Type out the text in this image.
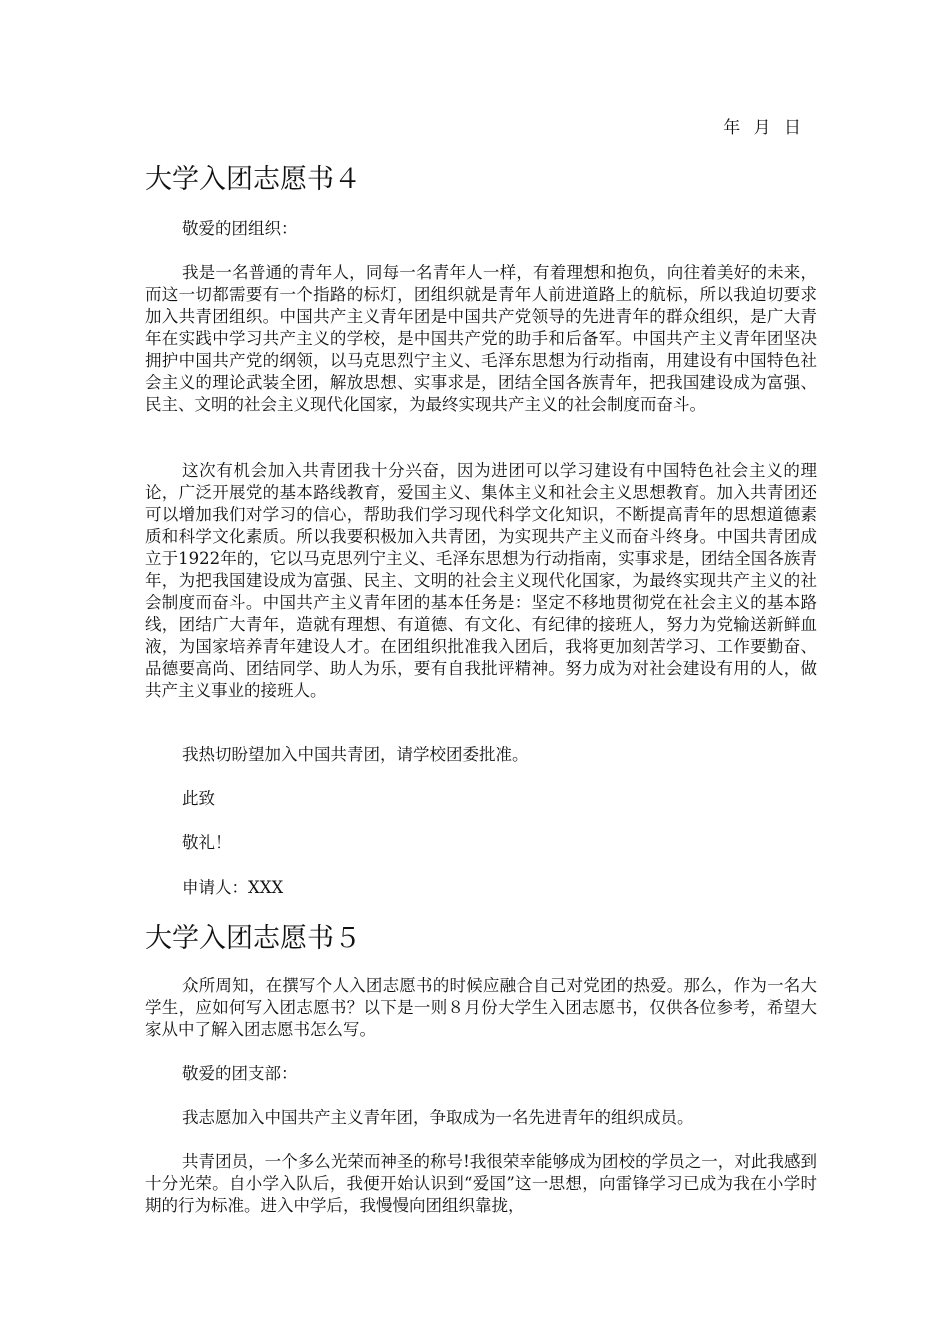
年 月 日
大学入团志愿书４

敬爱的团组织：

我是一名普通的青年人，同每一名青年人一样，有着理想和抱负，向往着美好的未来，而这一切都需要有一个指路的标灯，团组织就是青年人前进道路上的航标，所以我迫切要求加入共青团组织。中国共产主义青年团是中国共产党领导的先进青年的群众组织，是广大青年在实践中学习共产主义的学校，是中国共产党的助手和后备军。中国共产主义青年团坚决拥护中国共产党的纲领，以马克思烈宁主义、毛泽东思想为行动指南，用建设有中国特色社会主义的理论武装全团，解放思想、实事求是，团结全国各族青年，把我国建设成为富强、民主、文明的社会主义现代化国家，为最终实现共产主义的社会制度而奋斗。

这次有机会加入共青团我十分兴奋，因为进团可以学习建设有中国特色社会主义的理论，广泛开展党的基本路线教育，爱国主义、集体主义和社会主义思想教育。加入共青团还可以增加我们对学习的信心，帮助我们学习现代科学文化知识，不断提高青年的思想道德素质和科学文化素质。所以我要积极加入共青团，为实现共产主义而奋斗终身。中国共青团成立于1922年的，它以马克思列宁主义、毛泽东思想为行动指南，实事求是，团结全国各族青年，为把我国建设成为富强、民主、文明的社会主义现代化国家，为最终实现共产主义的社会制度而奋斗。中国共产主义青年团的基本任务是：坚定不移地贯彻党在社会主义的基本路线，团结广大青年，造就有理想、有道德、有文化、有纪律的接班人，努力为党输送新鲜血液，为国家培养青年建设人才。在团组织批准我入团后，我将更加刻苦学习、工作要勤奋、品德要高尚、团结同学、助人为乐，要有自我批评精神。努力成为对社会建设有用的人，做共产主义事业的接班人。

我热切盼望加入中国共青团，请学校团委批准。

此致

敬礼！

申请人：XXX

大学入团志愿书５

众所周知，在撰写个人入团志愿书的时候应融合自己对党团的热爱。那么，作为一名大学生，应如何写入团志愿书？以下是一则８月份大学生入团志愿书，仅供各位参考，希望大家从中了解入团志愿书怎么写。

敬爱的团支部：

我志愿加入中国共产主义青年团，争取成为一名先进青年的组织成员。

共青团员，一个多么光荣而神圣的称号!我很荣幸能够成为团校的学员之一，对此我感到十分光荣。自小学入队后，我便开始认识到“爱国”这一思想，向雷锋学习已成为我在小学时期的行为标准。进入中学后，我慢慢向团组织靠拢，
